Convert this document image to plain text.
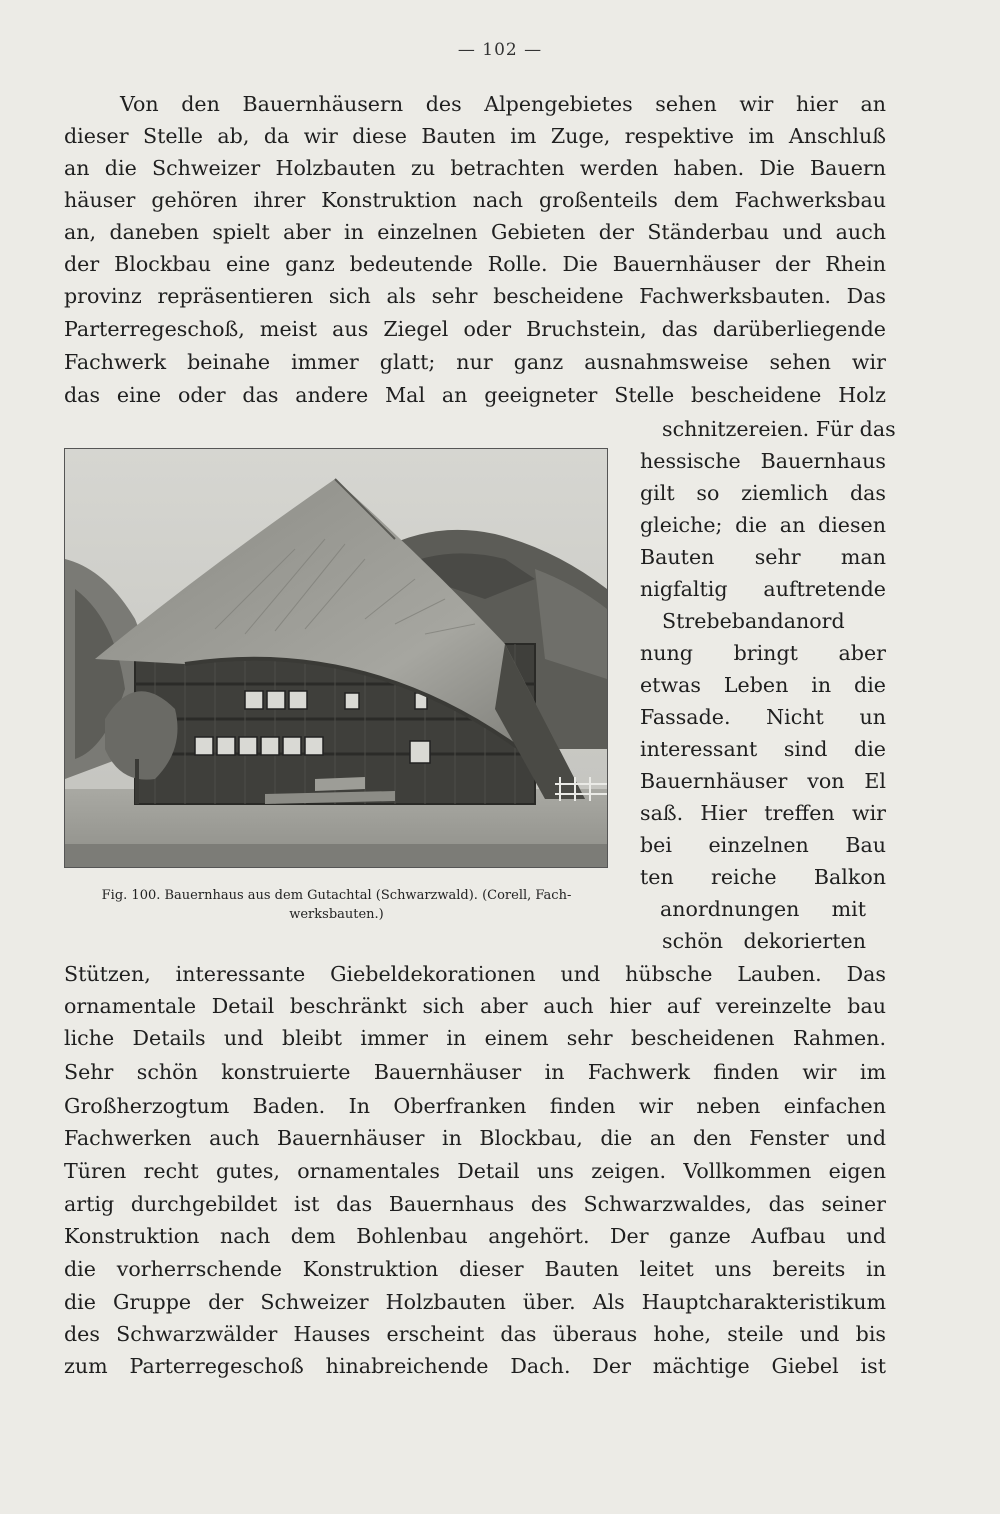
— 102 —
Von den Bauernhäusern des Alpengebietes sehen wir hier an
dieser Stelle ab, da wir diese Bauten im Zuge, respektive im Anschluß
an die Schweizer Holzbauten zu betrachten werden haben. Die Bauern
häuser gehören ihrer Konstruktion nach großenteils dem Fachwerksbau
an, daneben spielt aber in einzelnen Gebieten der Ständerbau und auch
der Blockbau eine ganz bedeutende Rolle. Die Bauernhäuser der Rhein
provinz repräsentieren sich als sehr bescheidene Fachwerksbauten. Das
Parterregeschoß, meist aus Ziegel oder Bruchstein, das darüberliegende
Fachwerk beinahe immer glatt; nur ganz ausnahmsweise sehen wir
das eine oder das andere Mal an geeigneter Stelle bescheidene Holz
schnitzereien. Für das
hessische Bauernhaus
gilt so ziemlich das
gleiche; die an diesen
Bauten sehr man
nigfaltig auftretende
Strebebandanord
nung bringt aber
etwas Leben in die
Fassade. Nicht un
interessant sind die
Bauernhäuser von El
saß. Hier treffen wir
bei einzelnen Bau
ten reiche Balkon
anordnungen mit
schön dekorierten
Fig. 100. Bauernhaus aus dem Gutachtal (Schwarzwald). (Corell, Fach-
werksbauten.)
Stützen, interessante Giebeldekorationen und hübsche Lauben. Das
ornamentale Detail beschränkt sich aber auch hier auf vereinzelte bau
liche Details und bleibt immer in einem sehr bescheidenen Rahmen.
Sehr schön konstruierte Bauernhäuser in Fachwerk finden wir im
Großherzogtum Baden. In Oberfranken finden wir neben einfachen
Fachwerken auch Bauernhäuser in Blockbau, die an den Fenster und
Türen recht gutes, ornamentales Detail uns zeigen. Vollkommen eigen
artig durchgebildet ist das Bauernhaus des Schwarzwaldes, das seiner
Konstruktion nach dem Bohlenbau angehört. Der ganze Aufbau und
die vorherrschende Konstruktion dieser Bauten leitet uns bereits in
die Gruppe der Schweizer Holzbauten über. Als Hauptcharakteristikum
des Schwarzwälder Hauses erscheint das überaus hohe, steile und bis
zum Parterregeschoß hinabreichende Dach. Der mächtige Giebel ist
